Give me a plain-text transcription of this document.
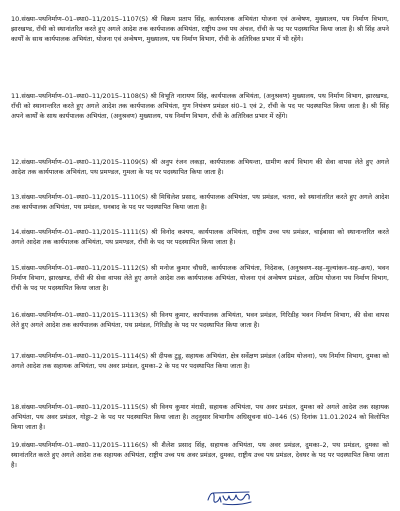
10.संख्या–पथनिर्माण–01–स्था0–11/2015–1107(S) श्री विक्रम प्रताप सिंह, कार्यपालक अभियंता योजना एवं अन्वेषण, मुख्यालय, पथ निर्माण विभाग, झारखण्ड, राँची को स्थानांतरित करते हुए अगले आदेश तक कार्यपालक अभियंता, राष्ट्रीय उच्च पथ अंचल, राँची के पद पर पदस्थापित किया जाता है। श्री सिंह अपने कार्यों के साथ कार्यपालक अभियंता, योजना एवं अन्वेषण, मुख्यालय, पथ निर्माण विभाग, राँची के अतिरिक्त प्रभार में भी रहेंगे।
11.संख्या–पथनिर्माण–01–स्था0–11/2015–1108(S) श्री विभूति नारायण सिंह, कार्यपालक अभियंता, (अनुश्रवण) मुख्यालय, पथ निर्माण विभाग, झारखण्ड, राँची को स्थानान्तरित करते हुए अगले आदेश तक कार्यपालक अभियंता, गुण नियंत्रण प्रमंडल सं0–1 एवं 2, राँची के पद पर पदस्थापित किया जाता है। श्री सिंह अपने कार्यों के साथ कार्यपालक अभियंता, (अनुश्रवण) मुख्यालय, पथ निर्माण विभाग, राँची के अतिरिक्त प्रभार में रहेंगे।
12.संख्या–पथनिर्माण–01–स्था0–11/2015–1109(S) श्री अनुप रंजन लकड़ा, कार्यपालक अभियन्ता, ग्रामीण कार्य विभाग की सेवा वापस लेते हुए अगले आदेश तक कार्यपालक अभियंता, पथ प्रमण्डल, गुमला के पद पर पदस्थापित किया जाता है।
13.संख्या–पथनिर्माण–01–स्था0–11/2015–1110(S) श्री मिथिलेश प्रसाद, कार्यपालक अभियंता, पथ प्रमंडल, चतरा, को स्थानांतरित करते हुए अगले आदेश तक कार्यपालक अभियंता, पथ प्रमंडल, धनबाद के पद पर पदस्थापित किया जाता है।
14.संख्या–पथनिर्माण–01–स्था0–11/2015–1111(S) श्री विनोद कश्यप, कार्यपालक अभियंता, राष्ट्रीय उच्च पथ प्रमंडल, चाईबासा को स्थानान्तरित करते अगले आदेश तक कार्यपालक अभियंता, पथ प्रमण्डल, राँची के पद पर पदस्थापित किया जाता है।
15.संख्या–पथनिर्माण–01–स्था0–11/2015–1112(S) श्री मनोज कुमार चौधरी, कार्यपालक अभियंता, निदेशक, (अनुश्रवण–सह–मूल्यांकन–सह–क्रय), भवन निर्माण विभाग, झारखण्ड, राँची की सेवा वापस लेते हुए अगले आदेश तक कार्यपालक अभियंता, योजना एवं अन्वेषण प्रमंडल, अग्रिम योजना पथ निर्माण विभाग, राँची के पद पर पदस्थापित किया जाता है।
16.संख्या–पथनिर्माण–01–स्था0–11/2015–1113(S) श्री विनय कुमार, कार्यपालक अभियंता, भवन प्रमंडल, गिरिडीह भवन निर्माण विभाग, की सेवा वापस लेते हुए अगले आदेश तक कार्यपालक अभियंता, पथ प्रमंडल, गिरिडीह के पद पर पदस्थापित किया जाता है।
17.संख्या–पथनिर्माण–01–स्था0–11/2015–1114(S) श्री दीपक टुडू, सहायक अभियंता, क्षेत्र सर्वेक्षण प्रमंडल (अग्रिम योजना), पथ निर्माण विभाग, दुमका को अगले आदेश तक सहायक अभियंता, पथ अवर प्रमंडल, दुमका–2 के पद पर पदस्थापित किया जाता है।
18.संख्या–पथनिर्माण–01–स्था0–11/2015–1115(S) श्री विनय कुमार मंराडी, सहायक अभियंता, पथ अवर प्रमंडल, दुमका को अगले आदेश तक सहायक अभियंता, पथ अवर प्रमंडल, गोड्डा–2 के पद पर पदस्थापित किया जाता है। तद्नुसार विभागीय अधिसूचना सं0–146 (S) दिनांक 11.01.2024 को विलोपित किया जाता है।
19.संख्या–पथनिर्माण–01–स्था0–11/2015–1116(S) श्री शैलेश प्रसाद सिंह, सहायक अभियंता, पथ अवर प्रमंडल, दुमका–2, पथ प्रमंडल, दुमका को स्थानांतरित करते हुए अगले आदेश तक सहायक अभियंता, राष्ट्रीय उच्च पथ अवर प्रमंडल, दुमका, राष्ट्रीय उच्च पथ प्रमंडल, देवघर के पद पर पदस्थापित किया जाता है।
